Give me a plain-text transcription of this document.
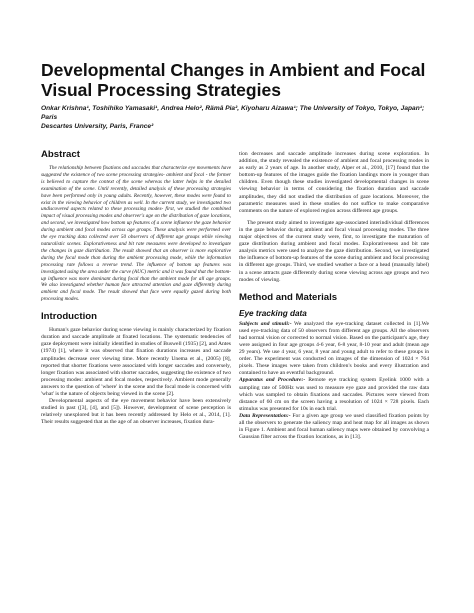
Developmental Changes in Ambient and Focal Visual Processing Strategies
Onkar Krishna¹, Toshihiko Yamasaki¹, Andrea Helo², Rämä Pia², Kiyoharu Aizawa¹; The University of Tokyo, Tokyo, Japan¹; Paris
Descartes University, Paris, France²
Abstract

The relationship between fixations and saccades that characterize eye movements have suggested the existence of two scene processing strategies- ambient and focal - the former is believed to capture the context of the scene whereas the latter helps in the detailed examination of the scene. Until recently, detailed analysis of these processing strategies have been performed only in young adults. Recently, however, these modes were found to exist in the viewing behavior of children as well. In the current study, we investigated two undiscovered aspects related to these processing modes- first, we studied the combined impact of visual processing modes and observer's age on the distribution of gaze locations, and second, we investigated how bottom up features of a scene influence the gaze behavior during ambient and focal modes across age groups. These analysis were performed over the eye tracking data collected over 50 observers of different age groups while viewing naturalistic scenes. Explorativeness and bit rate measures were developed to investigate the changes in gaze distribution. The result showed that an observer is more explorative during the focal mode than during the ambient processing mode, while the information processing rate follows a reverse trend. The influence of bottom up features was investigated using the area under the curve (AUC) metric and it was found that the bottom-up influence was more dominant during focal than the ambient mode for all age groups. We also investigated whether human face attracted attention and gaze differently during ambient and focal mode. The result showed that face were equally gazed during both processing modes.

Introduction

Human's gaze behavior during scene viewing is mainly characterized by fixation duration and saccade amplitude at fixated locations. The systematic tendencies of gaze deployment were initially identified in studies of Buswell (1935) [2], and Antes (1974) [1], where it was observed that fixation durations increases and saccade amplitudes decrease over viewing time. More recently Unema et al., (2005) [8], reported that shorter fixations were associated with longer saccades and conversely, longer fixation was associated with shorter saccades, suggesting the existence of two processing modes: ambient and focal modes, respectively. Ambient mode generally answers to the question of 'where' in the scene and the focal mode is concerned with 'what' is the nature of objects being viewed in the scene [2].

Developmental aspects of the eye movement behavior have been extensively studied in past ([3], [4], and [5]). However, development of scene perception is relatively unexplored but it has been recently addressed by Helo et al., 2014, [1]. Their results suggested that as the age of an observer increases, fixation dura-

tion decreases and saccade amplitude increases during scene exploration. In addition, the study revealed the existence of ambient and focal processing modes in as early as 2 years of age. In another study, Alper et al., 2010, [17] found that the bottom-up features of the images guide the fixation landings more in younger than children. Even though these studies investigated developmental changes in scene viewing behavior in terms of considering the fixation duration and saccade amplitudes, they did not studied the distribution of gaze locations. Moreover, the parametric measures used in these studies do not suffice to make comparative comments on the nature of explored region across different age groups.

The present study aimed to investigate age-associated interindividual differences in the gaze behavior during ambient and focal visual processing modes. The three major objectives of the current study were, first, to investigate the maturation of gaze distribution during ambient and focal modes. Explorativeness and bit rate analysis metrics were used to analyze the gaze distribution. Second, we investigated the influence of bottom-up features of the scene during ambient and focal processing in different age groups. Third, we studied weather a face or a head (manually label) in a scene attracts gaze differently during scene viewing across age groups and two modes of viewing.

Method and Materials
Eye tracking data

Subjects and stimuli:- We analyzed the eye-tracking dataset collected in [1].We used eye-tracking data of 50 observers from different age groups. All the observers had normal vision or corrected to normal vision. Based on the participant's age, they were assigned in four age groups 4-6 year, 6-8 year, 8-10 year and adult (mean age 29 years). We use 4 year, 6 year, 8 year and young adult to refer to these groups in order. The experiment was conducted on images of the dimension of 1024 × 764 pixels. These images were taken from children's books and every illustration and contained to have an eventful background.

Apparatus and Procedure:- Remote eye tracking system Eyelink 1000 with a sampling rate of 500Hz was used to measure eye gaze and provided the raw data which was sampled to obtain fixations and saccades. Pictures were viewed from distance of 60 cm on the screen having a resolution of 1024 × 728 pixels. Each stimulus was presented for 10s in each trial.

Data Representation:- For a given age group we used classified fixation points by all the observers to generate the saliency map and heat map for all images as shown in Figure 1. Ambient and focal human saliency maps were obtained by convolving a Gaussian filter across the fixation locations, as in [13].
